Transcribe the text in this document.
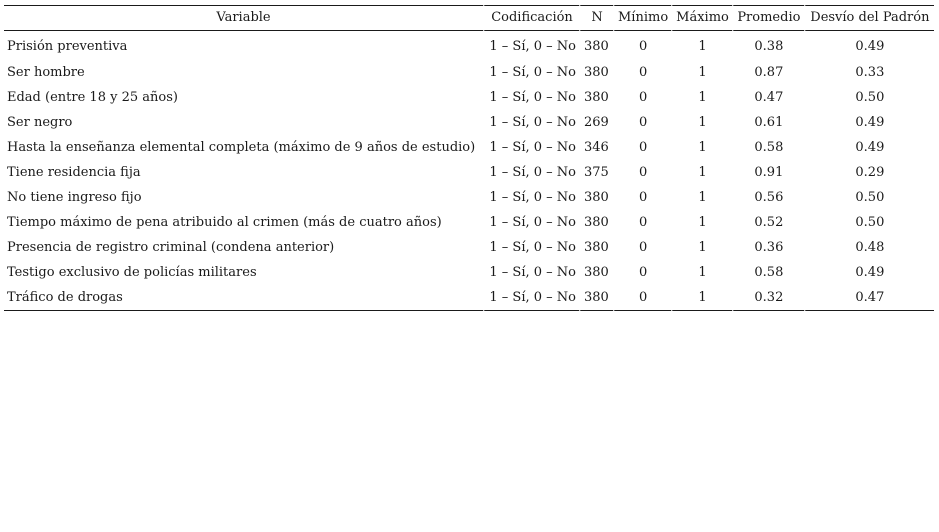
Variable	Codificación	N	Mínimo	Máximo	Promedio	Desvío del Padrón
Prisión preventiva	1 – Sí, 0 – No	380	0	1	0.38	0.49
Ser hombre	1 – Sí, 0 – No	380	0	1	0.87	0.33
Edad (entre 18 y 25 años)	1 – Sí, 0 – No	380	0	1	0.47	0.50
Ser negro	1 – Sí, 0 – No	269	0	1	0.61	0.49
Hasta la enseñanza elemental completa (máximo de 9 años de estudio)	1 – Sí, 0 – No	346	0	1	0.58	0.49
Tiene residencia fija	1 – Sí, 0 – No	375	0	1	0.91	0.29
No tiene ingreso fijo	1 – Sí, 0 – No	380	0	1	0.56	0.50
Tiempo máximo de pena atribuido al crimen (más de cuatro años)	1 – Sí, 0 – No	380	0	1	0.52	0.50
Presencia de registro criminal (condena anterior)	1 – Sí, 0 – No	380	0	1	0.36	0.48
Testigo exclusivo de policías militares	1 – Sí, 0 – No	380	0	1	0.58	0.49
Tráfico de drogas	1 – Sí, 0 – No	380	0	1	0.32	0.47
